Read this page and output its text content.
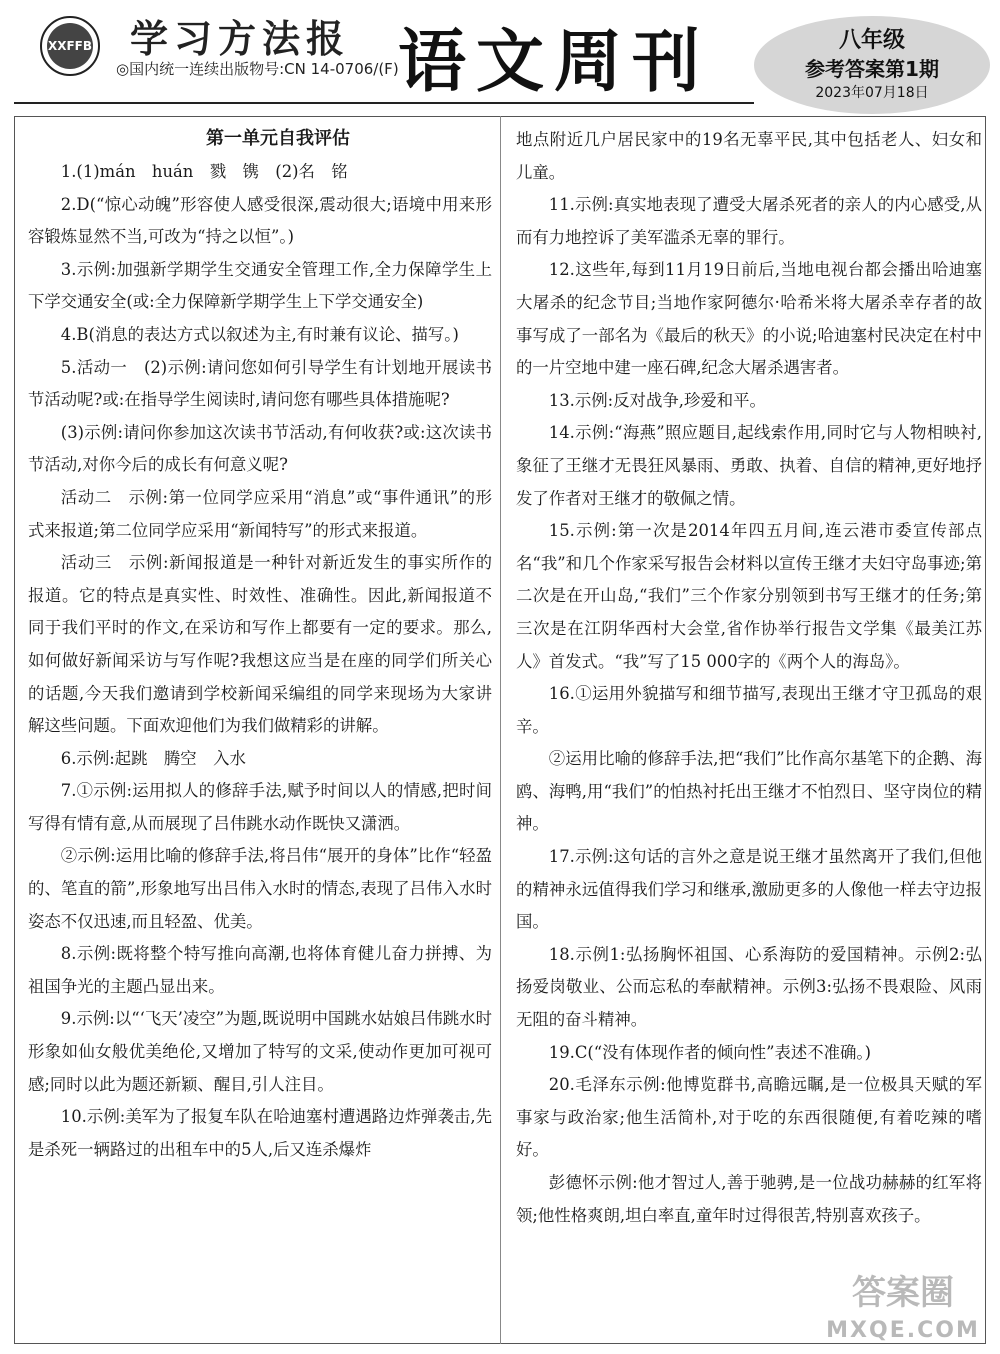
XXFFB 学习方法报
◎国内统一连续出版物号:CN 14-0706/(F) 语文周刊	八年级
参考答案第1期
2023年07月18日

第一单元自我评估

1.(1)mán　huán　戮　镌　(2)名　铭

2.D(“惊心动魄”形容使人感受很深,震动很大;语境中用来形容锻炼显然不当,可改为“持之以恒”。)

3.示例:加强新学期学生交通安全管理工作,全力保障学生上下学交通安全(或:全力保障新学期学生上下学交通安全)

4.B(消息的表达方式以叙述为主,有时兼有议论、描写。)

5.活动一　(2)示例:请问您如何引导学生有计划地开展读书节活动呢?或:在指导学生阅读时,请问您有哪些具体措施呢?

(3)示例:请问你参加这次读书节活动,有何收获?或:这次读书节活动,对你今后的成长有何意义呢?

活动二　示例:第一位同学应采用“消息”或“事件通讯”的形式来报道;第二位同学应采用“新闻特写”的形式来报道。

活动三　示例:新闻报道是一种针对新近发生的事实所作的报道。它的特点是真实性、时效性、准确性。因此,新闻报道不同于我们平时的作文,在采访和写作上都要有一定的要求。那么,如何做好新闻采访与写作呢?我想这应当是在座的同学们所关心的话题,今天我们邀请到学校新闻采编组的同学来现场为大家讲解这些问题。下面欢迎他们为我们做精彩的讲解。

6.示例:起跳　腾空　入水

7.①示例:运用拟人的修辞手法,赋予时间以人的情感,把时间写得有情有意,从而展现了吕伟跳水动作既快又潇洒。

②示例:运用比喻的修辞手法,将吕伟“展开的身体”比作“轻盈的、笔直的箭”,形象地写出吕伟入水时的情态,表现了吕伟入水时姿态不仅迅速,而且轻盈、优美。

8.示例:既将整个特写推向高潮,也将体育健儿奋力拼搏、为祖国争光的主题凸显出来。

9.示例:以“‘飞天’凌空”为题,既说明中国跳水姑娘吕伟跳水时形象如仙女般优美绝伦,又增加了特写的文采,使动作更加可视可感;同时以此为题还新颖、醒目,引人注目。

10.示例:美军为了报复车队在哈迪塞村遭遇路边炸弹袭击,先是杀死一辆路过的出租车中的5人,后又连杀爆炸

地点附近几户居民家中的19名无辜平民,其中包括老人、妇女和儿童。

11.示例:真实地表现了遭受大屠杀死者的亲人的内心感受,从而有力地控诉了美军滥杀无辜的罪行。

12.这些年,每到11月19日前后,当地电视台都会播出哈迪塞大屠杀的纪念节目;当地作家阿德尔·哈希米将大屠杀幸存者的故事写成了一部名为《最后的秋天》的小说;哈迪塞村民决定在村中的一片空地中建一座石碑,纪念大屠杀遇害者。

13.示例:反对战争,珍爱和平。

14.示例:“海燕”照应题目,起线索作用,同时它与人物相映衬,象征了王继才无畏狂风暴雨、勇敢、执着、自信的精神,更好地抒发了作者对王继才的敬佩之情。

15.示例:第一次是2014年四五月间,连云港市委宣传部点名“我”和几个作家采写报告会材料以宣传王继才夫妇守岛事迹;第二次是在开山岛,“我们”三个作家分别领到书写王继才的任务;第三次是在江阴华西村大会堂,省作协举行报告文学集《最美江苏人》首发式。“我”写了15 000字的《两个人的海岛》。

16.①运用外貌描写和细节描写,表现出王继才守卫孤岛的艰辛。

②运用比喻的修辞手法,把“我们”比作高尔基笔下的企鹅、海鸥、海鸭,用“我们”的怕热衬托出王继才不怕烈日、坚守岗位的精神。

17.示例:这句话的言外之意是说王继才虽然离开了我们,但他的精神永远值得我们学习和继承,激励更多的人像他一样去守边报国。

18.示例1:弘扬胸怀祖国、心系海防的爱国精神。示例2:弘扬爱岗敬业、公而忘私的奉献精神。示例3:弘扬不畏艰险、风雨无阻的奋斗精神。

19.C(“没有体现作者的倾向性”表述不准确。)

20.毛泽东示例:他博览群书,高瞻远瞩,是一位极具天赋的军事家与政治家;他生活简朴,对于吃的东西很随便,有着吃辣的嗜好。

彭德怀示例:他才智过人,善于驰骋,是一位战功赫赫的红军将领;他性格爽朗,坦白率直,童年时过得很苦,特别喜欢孩子。

答案圈
MXQE.COM
